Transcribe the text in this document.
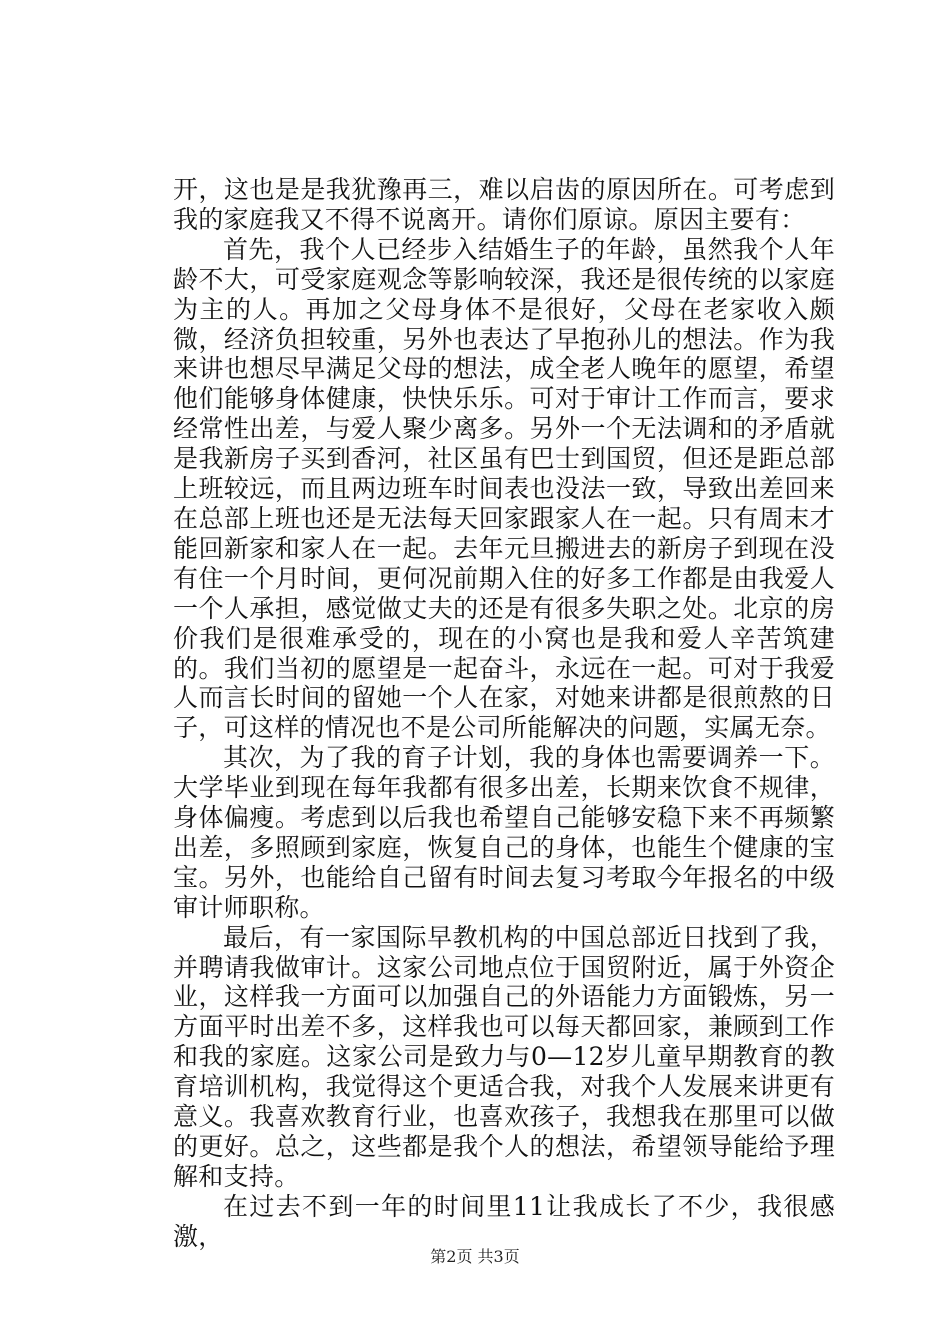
开，这也是是我犹豫再三，难以启齿的原因所在。可考虑到我的家庭我又不得不说离开。请你们原谅。原因主要有：

首先，我个人已经步入结婚生子的年龄，虽然我个人年龄不大，可受家庭观念等影响较深，我还是很传统的以家庭为主的人。再加之父母身体不是很好，父母在老家收入颇微，经济负担较重，另外也表达了早抱孙儿的想法。作为我来讲也想尽早满足父母的想法，成全老人晚年的愿望，希望他们能够身体健康，快快乐乐。可对于审计工作而言，要求经常性出差，与爱人聚少离多。另外一个无法调和的矛盾就是我新房子买到香河，社区虽有巴士到国贸，但还是距总部上班较远，而且两边班车时间表也没法一致，导致出差回来在总部上班也还是无法每天回家跟家人在一起。只有周末才能回新家和家人在一起。去年元旦搬进去的新房子到现在没有住一个月时间，更何况前期入住的好多工作都是由我爱人一个人承担，感觉做丈夫的还是有很多失职之处。北京的房价我们是很难承受的，现在的小窝也是我和爱人辛苦筑建的。我们当初的愿望是一起奋斗，永远在一起。可对于我爱人而言长时间的留她一个人在家，对她来讲都是很煎熬的日子，可这样的情况也不是公司所能解决的问题，实属无奈。

其次，为了我的育子计划，我的身体也需要调养一下。大学毕业到现在每年我都有很多出差，长期来饮食不规律，身体偏瘦。考虑到以后我也希望自己能够安稳下来不再频繁出差，多照顾到家庭，恢复自己的身体，也能生个健康的宝宝。另外，也能给自己留有时间去复习考取今年报名的中级审计师职称。

最后，有一家国际早教机构的中国总部近日找到了我，并聘请我做审计。这家公司地点位于国贸附近，属于外资企业，这样我一方面可以加强自己的外语能力方面锻炼，另一方面平时出差不多，这样我也可以每天都回家，兼顾到工作和我的家庭。这家公司是致力与0—12岁儿童早期教育的教育培训机构，我觉得这个更适合我，对我个人发展来讲更有意义。我喜欢教育行业，也喜欢孩子，我想我在那里可以做的更好。总之，这些都是我个人的想法，希望领导能给予理解和支持。

在过去不到一年的时间里11让我成长了不少，我很感激，

第2页 共3页
